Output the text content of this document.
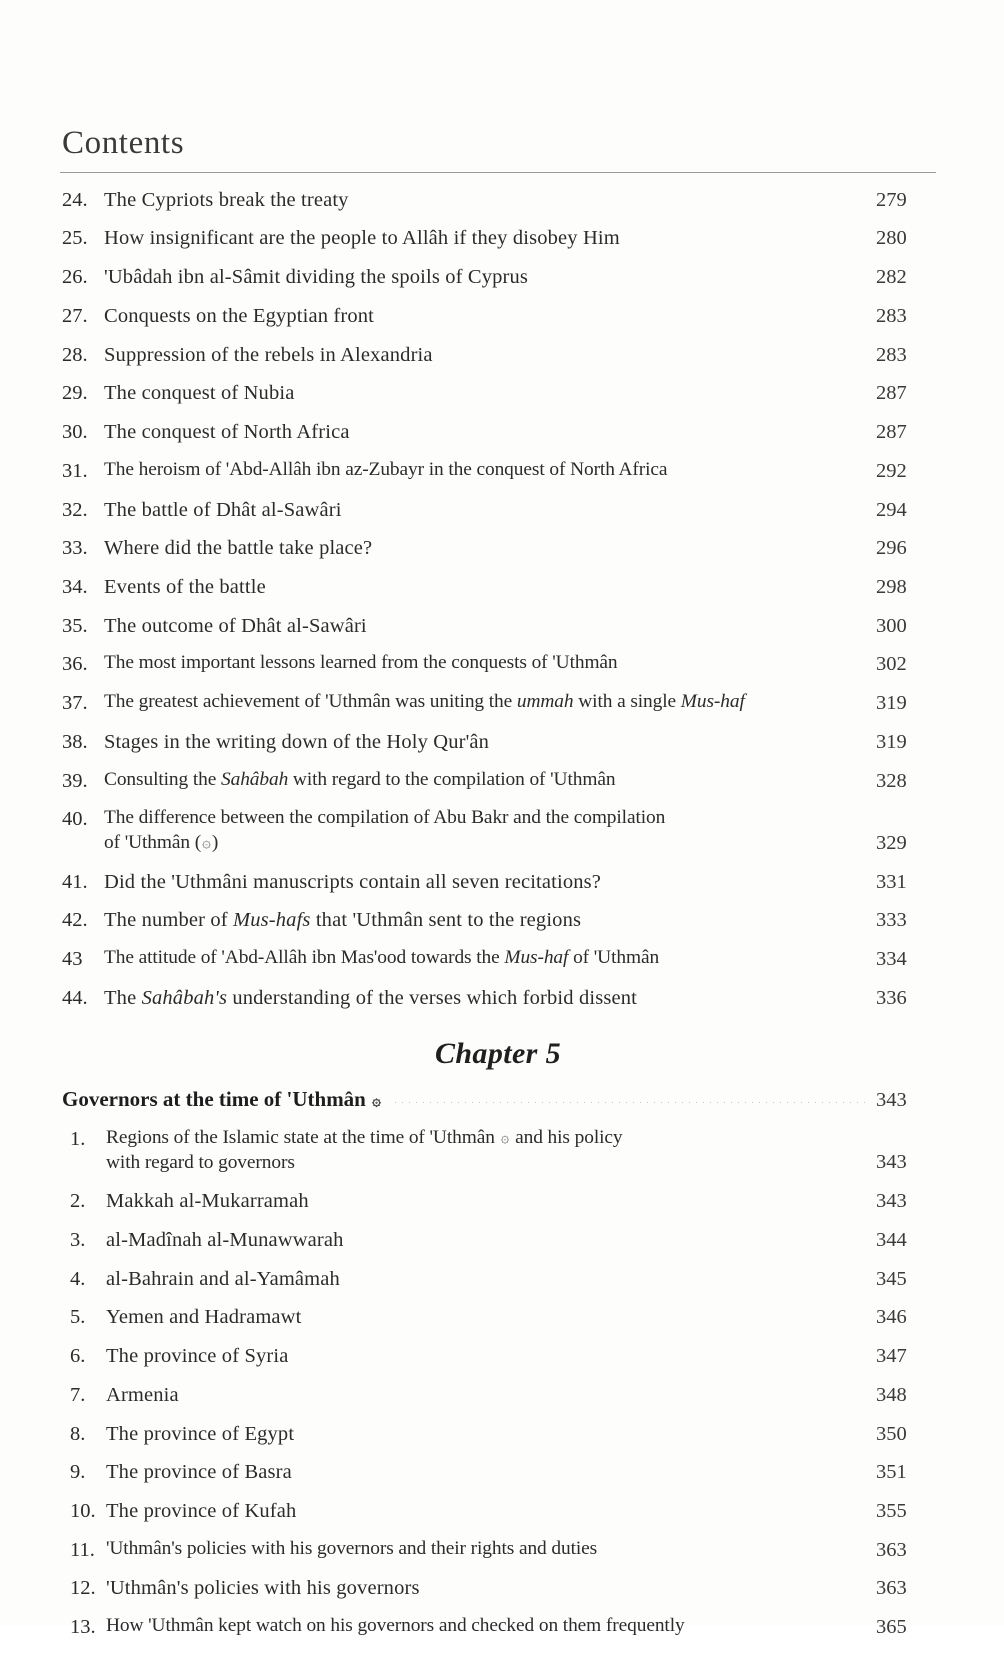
Contents
24. The Cypriots break the treaty	279
25. How insignificant are the people to Allâh if they disobey Him	280
26. 'Ubâdah ibn al-Sâmit dividing the spoils of Cyprus	282
27. Conquests on the Egyptian front	283
28. Suppression of the rebels in Alexandria	283
29. The conquest of Nubia	287
30. The conquest of North Africa	287
31. The heroism of 'Abd-Allâh ibn az-Zubayr in the conquest of North Africa	292
32. The battle of Dhât al-Sawâri	294
33. Where did the battle take place?	296
34. Events of the battle	298
35. The outcome of Dhât al-Sawâri	300
36. The most important lessons learned from the conquests of 'Uthmân	302
37. The greatest achievement of 'Uthmân was uniting the ummah with a single Mus-haf	319
38. Stages in the writing down of the Holy Qur'ân	319
39. Consulting the Sahâbah with regard to the compilation of 'Uthmân	328
40. The difference between the compilation of Abu Bakr and the compilation
of 'Uthmân (۞)	329
41. Did the 'Uthmâni manuscripts contain all seven recitations?	331
42. The number of Mus-hafs that 'Uthmân sent to the regions	333
43	The attitude of 'Abd-Allâh ibn Mas'ood towards the Mus-haf of 'Uthmân	334
44. The Sahâbah's understanding of the verses which forbid dissent	336
Chapter 5
Governors at the time of 'Uthmân ۞	343
1.	Regions of the Islamic state at the time of 'Uthmân ۞ and his policy
with regard to governors	343
2.	Makkah al-Mukarramah	343
3.	al-Madînah al-Munawwarah	344
4.	al-Bahrain and al-Yamâmah	345
5.	Yemen and Hadramawt	346
6.	The province of Syria	347
7.	Armenia	348
8.	The province of Egypt	350
9.	The province of Basra	351
10. The province of Kufah	355
11. 'Uthmân's policies with his governors and their rights and duties	363
12. 'Uthmân's policies with his governors	363
13. How 'Uthmân kept watch on his governors and checked on them frequently	365
